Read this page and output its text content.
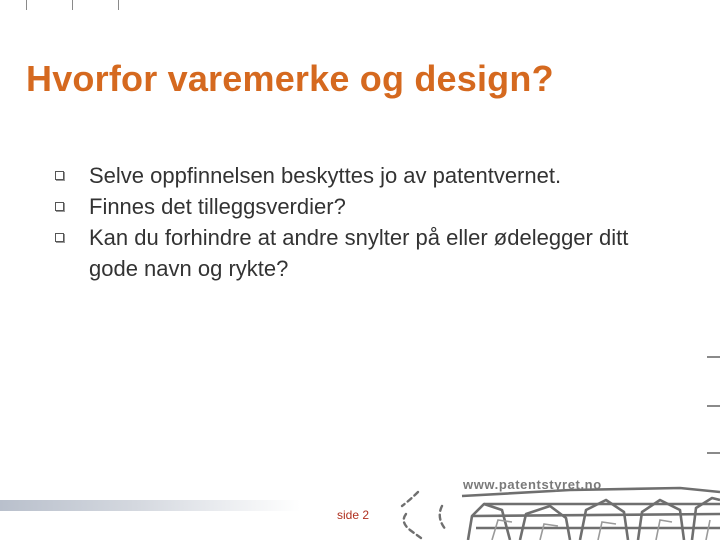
Hvorfor varemerke og design?
Selve oppfinnelsen beskyttes jo av patentvernet.
Finnes det tilleggsverdier?
Kan du forhindre at andre snylter på eller ødelegger ditt gode navn og rykte?
www.patentstyret.no
side 2
